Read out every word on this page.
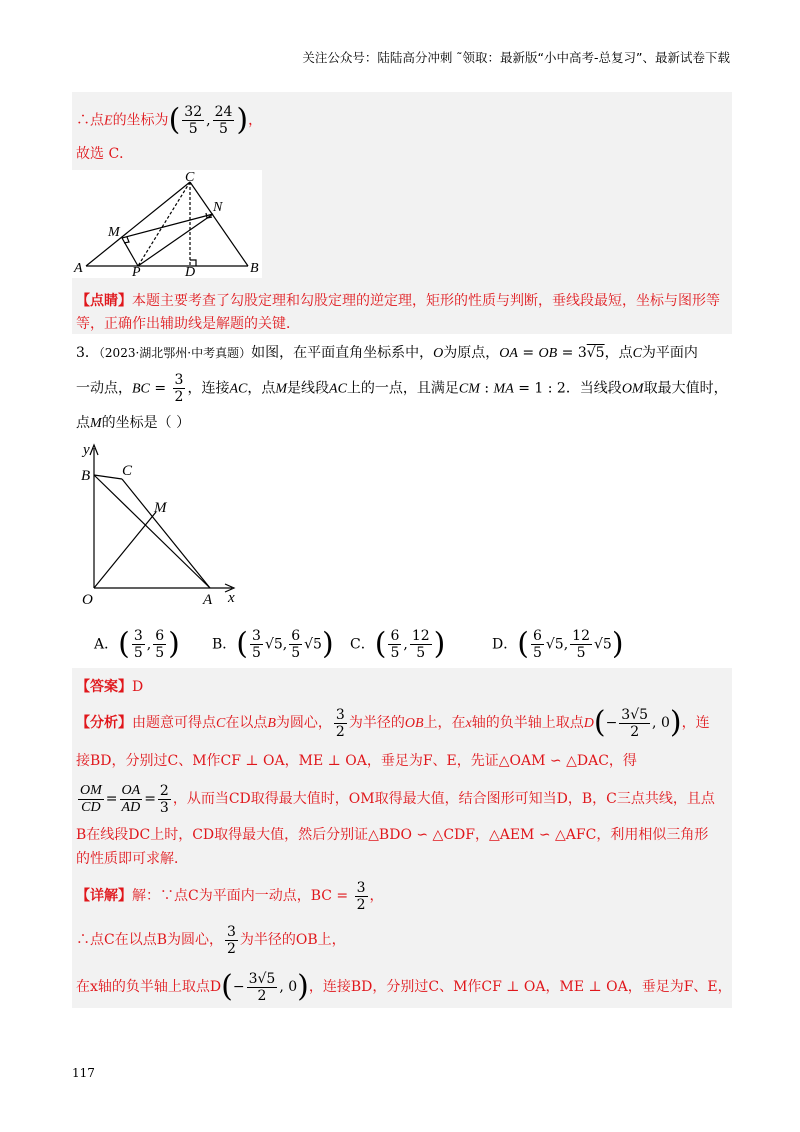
关注公众号：陆陆高分冲刺 ˜领取：最新版“小中高考-总复习”、最新试卷下载
∴点E的坐标为( $\frac{32}{5}$ , $\frac{24}{5}$ )，
故选 C．
A	B
C
M
N
P	D
【点睛】本题主要考查了勾股定理和勾股定理的逆定理，矩形的性质与判断，垂线段最短，坐标与图形等
等，正确作出辅助线是解题的关键．
3．（2023·湖北鄂州·中考真题）如图，在平面直角坐标系中，O为原点，OA = OB = 3√5，点C为平面内
一动点，BC = $\frac{3}{2}$ ，连接AC，点M是线段AC上的一点，且满足CM : MA = 1 : 2．当线段OM取最大值时，
点M的坐标是（ ）
y
B C
M
O	A x
A．( $\frac{3}{5}$ , $\frac{6}{5}$ ) B．( $\frac{3}{5} √5$, $\frac{6}{5} √5$) C．( $\frac{6}{5}$ , $\frac{12}{5}$ )	D．( $\frac{6}{5} √5$, $\frac{12}{5} √5$)
【答案】D
【分析】由题意可得点C在以点B为圆心， $\frac{3}{2}$ 为半径的OB上，在x轴的负半轴上取点$D(- \frac{3√5}{2}$ , 0)，连
接BD，分别过C、M作CF ⊥ OA，ME ⊥ OA，垂足为F、E，先证△OAM ∽ △DAC，得
$\frac{OM}{CD} = \frac{OA}{AD} = \frac{2}{3}$ ，从而当CD取得最大值时，OM取得最大值，结合图形可知当D，B，C三点共线，且点
B在线段DC上时，CD取得最大值，然后分别证△BDO ∽ △CDF，△AEM ∽ △AFC，利用相似三角形
的性质即可求解．
【详解】解：∵点C为平面内一动点，BC = $\frac{3}{2}$ ，
∴点C在以点B为圆心， $\frac{3}{2}$ 为半径的OB上，
在x轴的负半轴上取点$D(- \frac{3√5}{2}$ , 0)，连接BD，分别过C、M作CF ⊥ OA，ME ⊥ OA，垂足为F、E，
117
